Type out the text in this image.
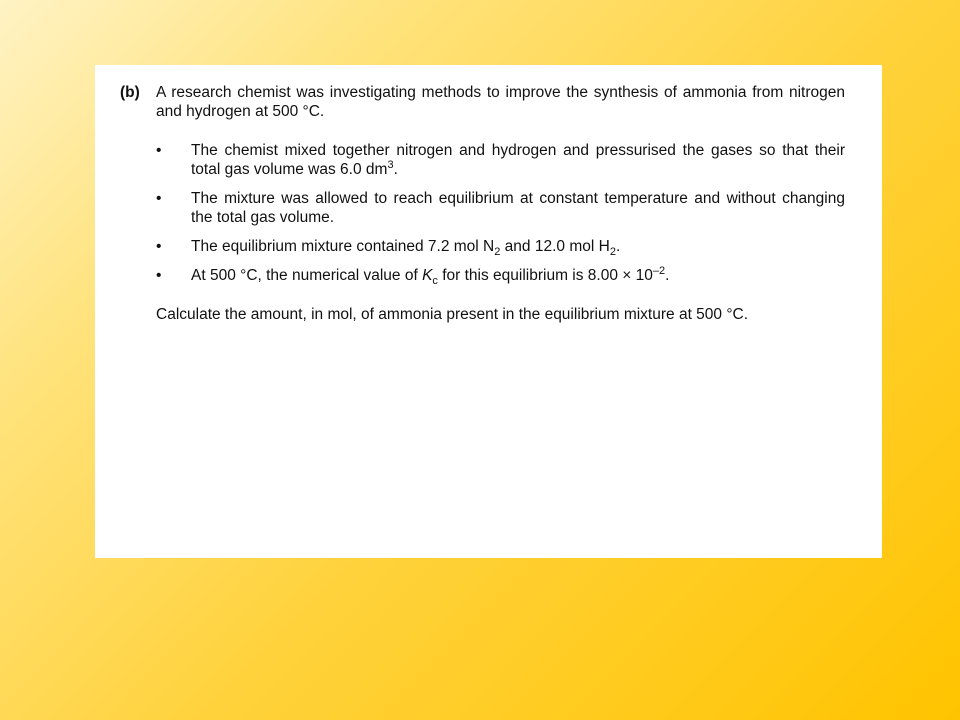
(b)	A research chemist was investigating methods to improve the synthesis of ammonia from nitrogen and hydrogen at 500 °C.
•	The chemist mixed together nitrogen and hydrogen and pressurised the gases so that their total gas volume was 6.0 $dm^3$.
•	The mixture was allowed to reach equilibrium at constant temperature and without changing the total gas volume.
•	The equilibrium mixture contained 7.2 mol $N_2$ and 12.0 mol $H_2$.
•	At 500 °C, the numerical value of $K_c$ for this equilibrium is $8.00 \times 10^{-2}$.
Calculate the amount, in mol, of ammonia present in the equilibrium mixture at 500 °C.
